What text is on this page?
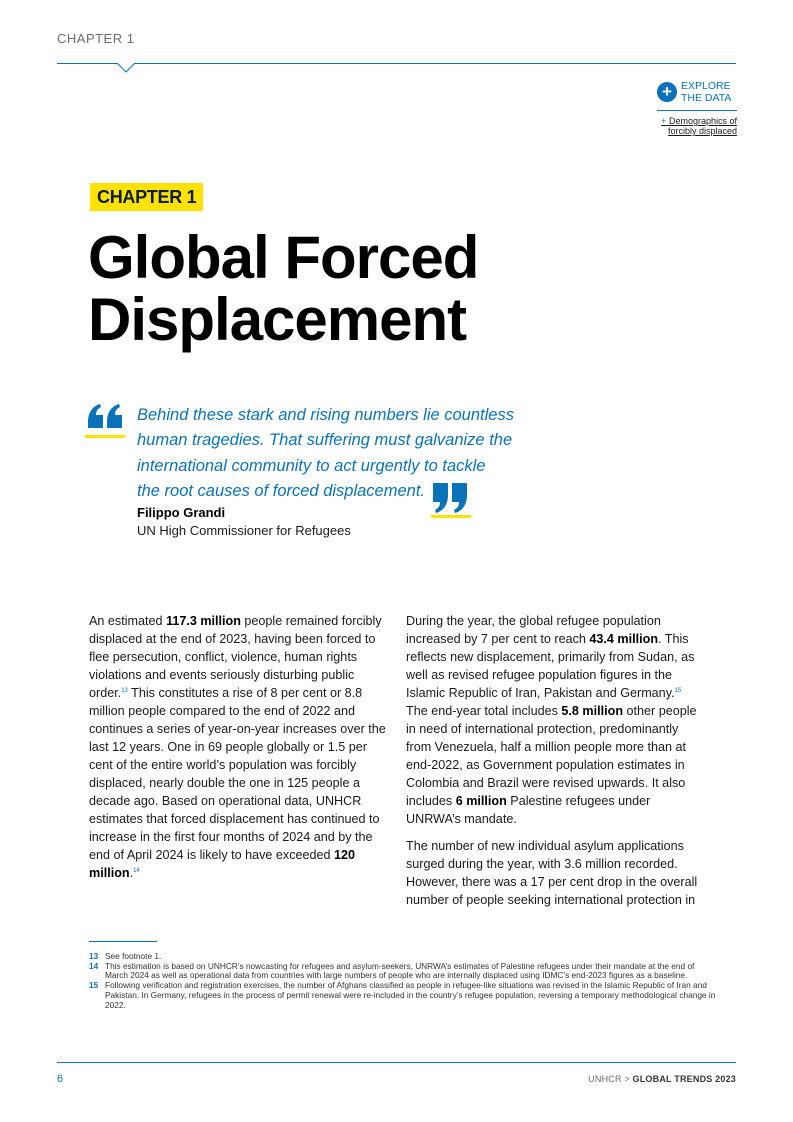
CHAPTER 1
+ EXPLORE
THE DATA
+ Demographics of
forcibly displaced
CHAPTER 1
Global Forced
Displacement
Behind these stark and rising numbers lie countless
human tragedies. That suffering must galvanize the
international community to act urgently to tackle
the root causes of forced displacement.
Filippo Grandi
UN High Commissioner for Refugees

An estimated 117.3 million people remained forcibly displaced at the end of 2023, having been forced to flee persecution, conflict, violence, human rights violations and events seriously disturbing public order.$^{13}$ This constitutes a rise of 8 per cent or 8.8 million people compared to the end of 2022 and continues a series of year-on-year increases over the last 12 years. One in 69 people globally or 1.5 per cent of the entire world’s population was forcibly displaced, nearly double the one in 125 people a decade ago. Based on operational data, UNHCR estimates that forced displacement has continued to increase in the first four months of 2024 and by the end of April 2024 is likely to have exceeded 120 million.$^{14}$

During the year, the global refugee population increased by 7 per cent to reach 43.4 million. This reflects new displacement, primarily from Sudan, as well as revised refugee population figures in the Islamic Republic of Iran, Pakistan and Germany.$^{15}$ The end-year total includes 5.8 million other people in need of international protection, predominantly from Venezuela, half a million people more than at end-2022, as Government population estimates in Colombia and Brazil were revised upwards. It also includes 6 million Palestine refugees under UNRWA’s mandate.

The number of new individual asylum applications surged during the year, with 3.6 million recorded. However, there was a 17 per cent drop in the overall number of people seeking international protection in

13 See footnote 1.
14 This estimation is based on UNHCR’s nowcasting for refugees and asylum-seekers, UNRWA’s estimates of Palestine refugees under their mandate at the end of March 2024 as well as operational data from countries with large numbers of people who are internally displaced using IDMC’s end-2023 figures as a baseline.
15 Following verification and registration exercises, the number of Afghans classified as people in refugee-like situations was revised in the Islamic Republic of Iran and Pakistan. In Germany, refugees in the process of permit renewal were re-included in the country’s refugee population, reversing a temporary methodological change in 2022.
6	UNHCR > GLOBAL TRENDS 2023
